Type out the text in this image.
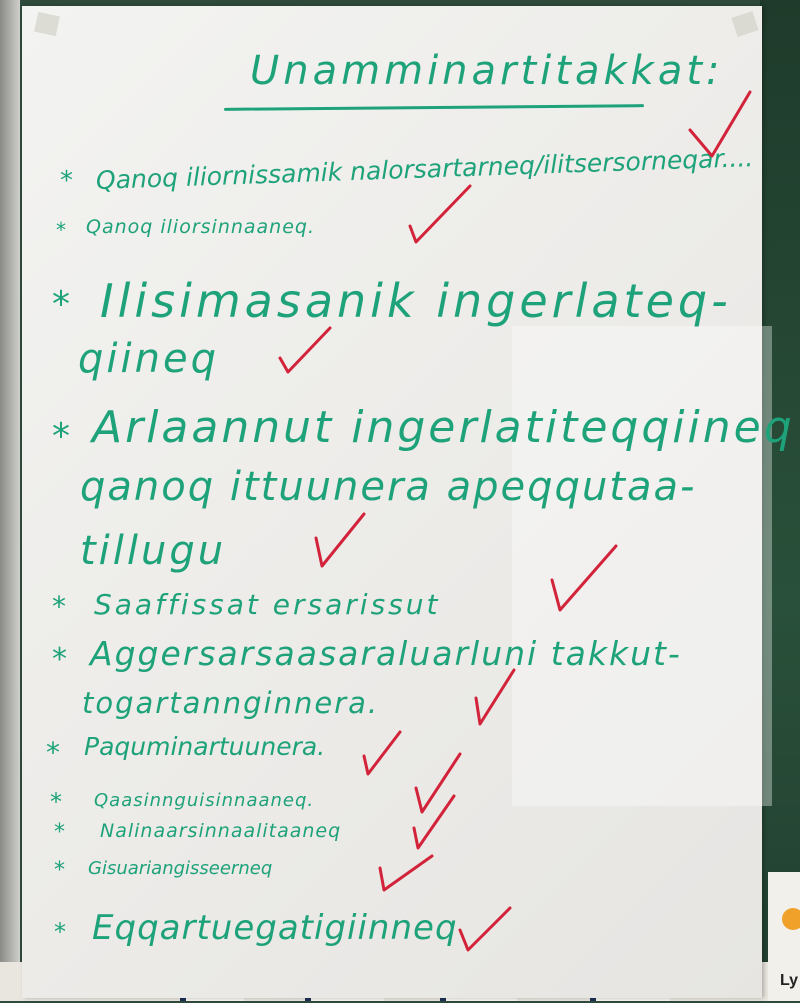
Ly
Unamminartitakkat:
* Qanoq iliornissamik nalorsartarneq/ilitsersorneqar....
* Qanoq iliorsinnaaneq.
* Ilisimasanik ingerlateq-
qiineq
* Arlaannut ingerlatiteqqiineq
qanoq ittuunera apeqqutaa-
tillugu
* Saaffissat ersarissut
* Aggersarsaasaraluarluni takkut-
togartannginnera.
* Paquminartuunera.
* Qaasinnguisinnaaneq.
* Nalinaarsinnaalitaaneq
* Gisuariangisseerneq
* Eqqartuegatigiinneq
